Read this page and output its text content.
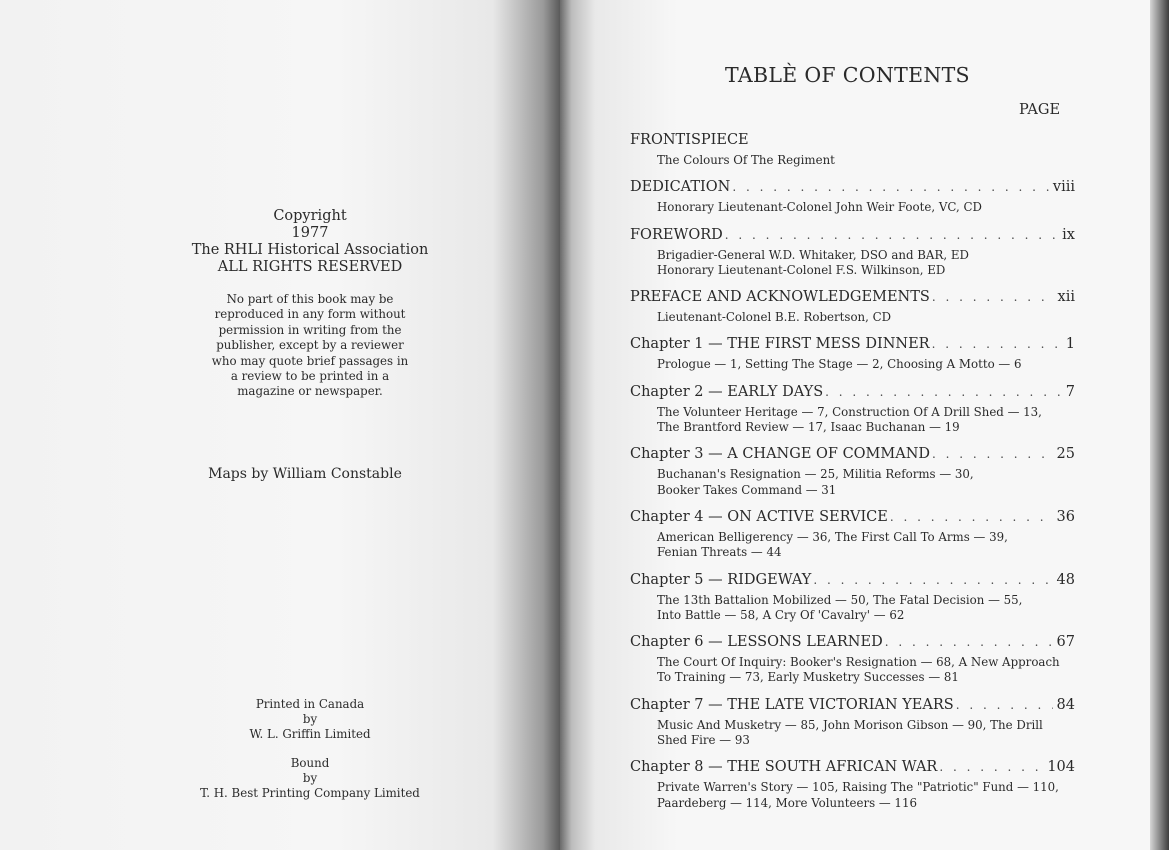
Copyright
1977
The RHLI Historical Association
ALL RIGHTS RESERVED
No part of this book may be
reproduced in any form without
permission in writing from the
publisher, except by a reviewer
who may quote brief passages in
a review to be printed in a
magazine or newspaper.
Maps by William Constable
Printed in Canada
by
W. L. Griffin Limited
Bound
by
T. H. Best Printing Company Limited
TABLÈ OF CONTENTS
PAGE
FRONTISPIECE
The Colours Of The Regiment
DEDICATION . . .	viii
Honorary Lieutenant-Colonel John Weir Foote, VC, CD
FOREWORD . . .	ix
Brigadier-General W.D. Whitaker, DSO and BAR, ED
Honorary Lieutenant-Colonel F.S. Wilkinson, ED
PREFACE AND ACKNOWLEDGEMENTS . . .	xii
Lieutenant-Colonel B.E. Robertson, CD
Chapter 1 — THE FIRST MESS DINNER . . .	1
Prologue — 1, Setting The Stage — 2, Choosing A Motto — 6
Chapter 2 — EARLY DAYS . . .	7
The Volunteer Heritage — 7, Construction Of A Drill Shed — 13,
The Brantford Review — 17, Isaac Buchanan — 19
Chapter 3 — A CHANGE OF COMMAND . . .	25
Buchanan's Resignation — 25, Militia Reforms — 30,
Booker Takes Command — 31
Chapter 4 — ON ACTIVE SERVICE . . .	36
American Belligerency — 36, The First Call To Arms — 39,
Fenian Threats — 44
Chapter 5 — RIDGEWAY . . .	48
The 13th Battalion Mobilized — 50, The Fatal Decision — 55,
Into Battle — 58, A Cry Of 'Cavalry' — 62
Chapter 6 — LESSONS LEARNED . . .	67
The Court Of Inquiry: Booker's Resignation — 68, A New Approach
To Training — 73, Early Musketry Successes — 81
Chapter 7 — THE LATE VICTORIAN YEARS . . .	84
Music And Musketry — 85, John Morison Gibson — 90, The Drill
Shed Fire — 93
Chapter 8 — THE SOUTH AFRICAN WAR . . .	104
Private Warren's Story — 105, Raising The "Patriotic" Fund — 110,
Paardeberg — 114, More Volunteers — 116
